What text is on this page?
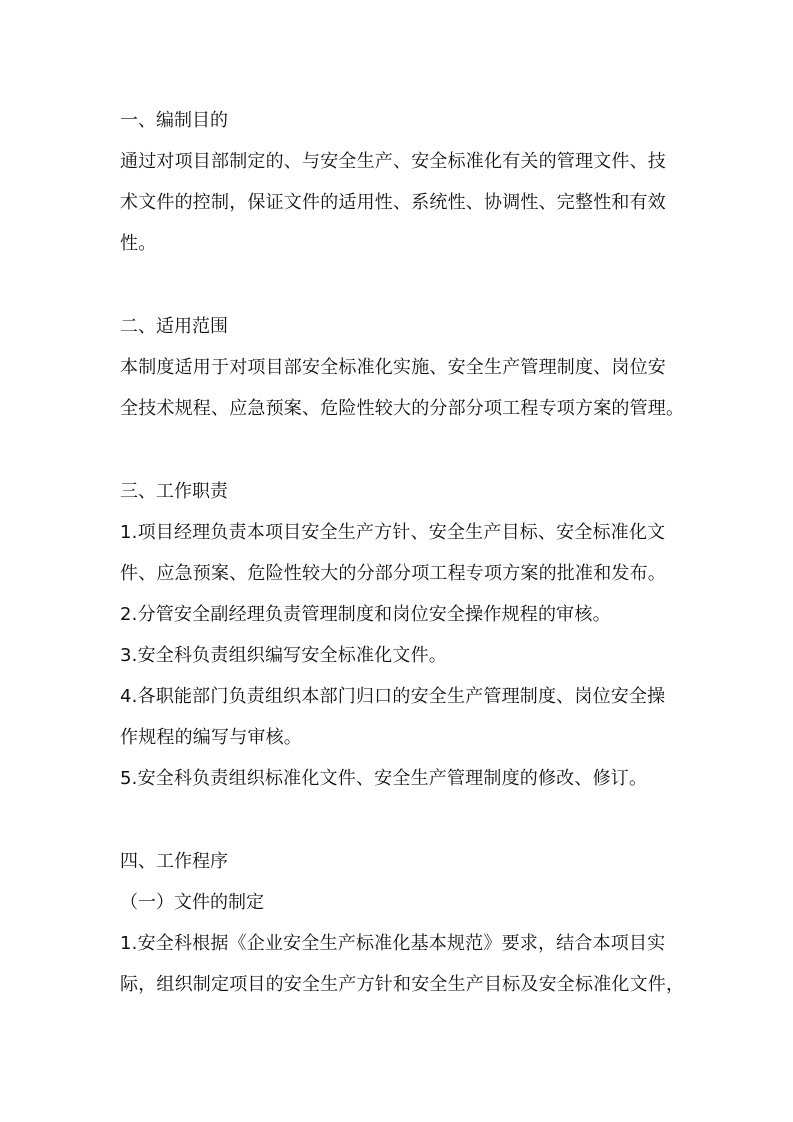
一、编制目的
通过对项目部制定的、与安全生产、安全标准化有关的管理文件、技
术文件的控制，保证文件的适用性、系统性、协调性、完整性和有效
性。
二、适用范围
本制度适用于对项目部安全标准化实施、安全生产管理制度、岗位安
全技术规程、应急预案、危险性较大的分部分项工程专项方案的管理。
三、工作职责
1.项目经理负责本项目安全生产方针、安全生产目标、安全标准化文
件、应急预案、危险性较大的分部分项工程专项方案的批准和发布。
2.分管安全副经理负责管理制度和岗位安全操作规程的审核。
3.安全科负责组织编写安全标准化文件。
4.各职能部门负责组织本部门归口的安全生产管理制度、岗位安全操
作规程的编写与审核。
5.安全科负责组织标准化文件、安全生产管理制度的修改、修订。
四、工作程序
（一）文件的制定
1.安全科根据《企业安全生产标准化基本规范》要求，结合本项目实
际，组织制定项目的安全生产方针和安全生产目标及安全标准化文件，
